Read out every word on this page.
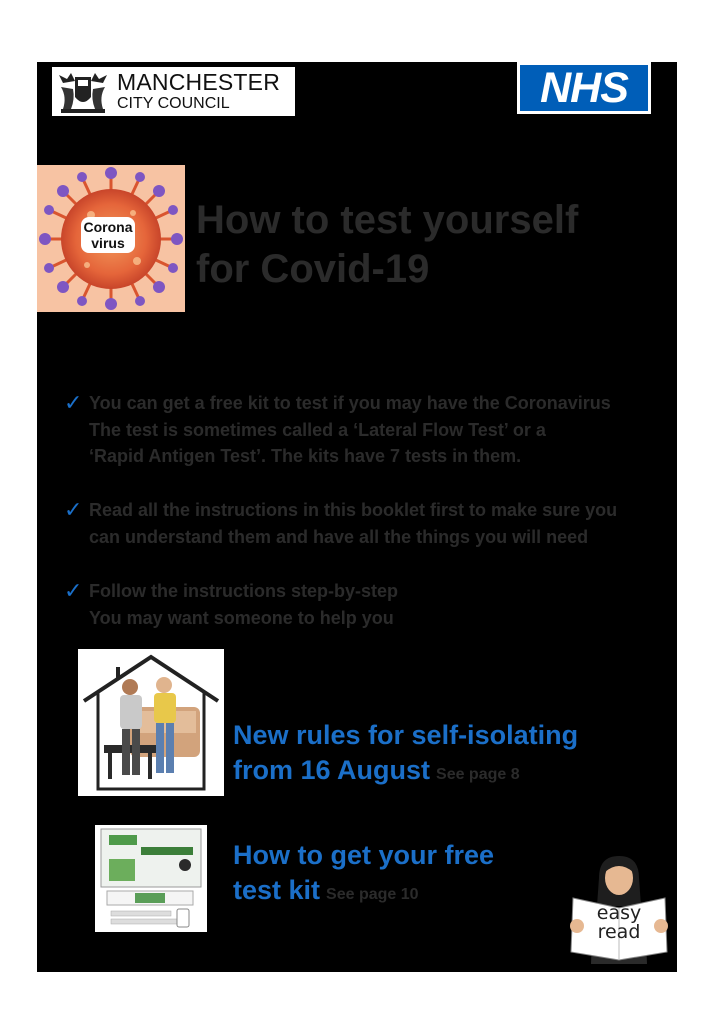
MANCHESTER
CITY COUNCIL	NHS
Corona
virus
How to test yourself
for Covid-19
✓ You can get a free kit to test if you may have the Coronavirus
The test is sometimes called a ‘Lateral Flow Test’ or a
‘Rapid Antigen Test’. The kits have 7 tests in them.
✓ Read all the instructions in this booklet first to make sure you
can understand them and have all the things you will need
✓ Follow the instructions step-by-step
You may want someone to help you
New rules for self-isolating
from 16 August See page 8
How to get your free
test kit See page 10
easy
read
